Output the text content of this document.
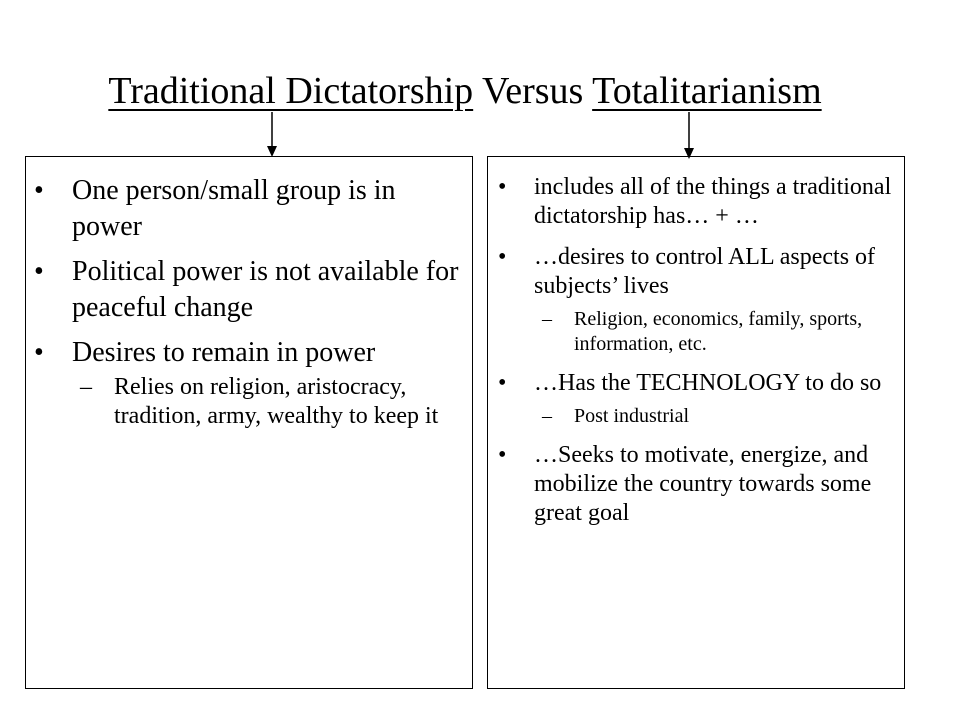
Traditional Dictatorship Versus Totalitarianism
• One person/small group is in power
• Political power is not available for peaceful change
• Desires to remain in power
– Relies on religion, aristocracy, tradition, army, wealthy to keep it
• includes all of the things a traditional dictatorship has… + …
• …desires to control ALL aspects of subjects’ lives
– Religion, economics, family, sports, information, etc.
• …Has the TECHNOLOGY to do so
– Post industrial
• …Seeks to motivate, energize, and mobilize the country towards some great goal
